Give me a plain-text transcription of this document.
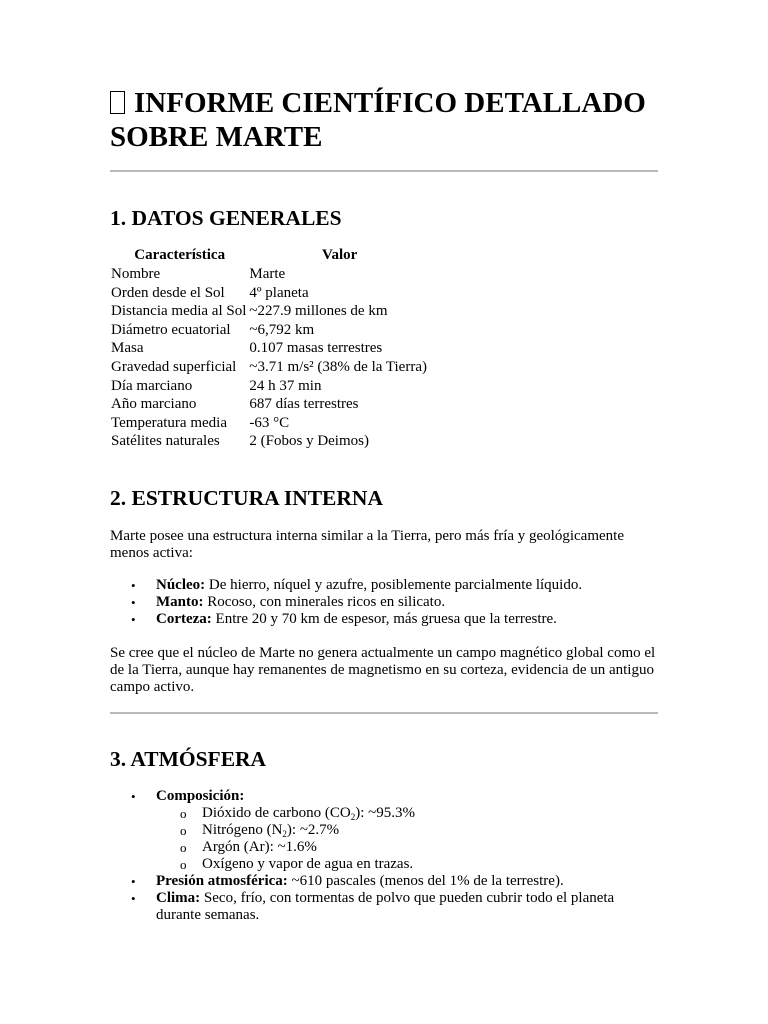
INFORME CIENTÍFICO DETALLADO SOBRE MARTE
1. DATOS GENERALES
Característica	Valor
Nombre	Marte
Orden desde el Sol	4º planeta
Distancia media al Sol	~227.9 millones de km
Diámetro ecuatorial	~6,792 km
Masa	0.107 masas terrestres
Gravedad superficial	~3.71 m/s² (38% de la Tierra)
Día marciano	24 h 37 min
Año marciano	687 días terrestres
Temperatura media	-63 °C
Satélites naturales	2 (Fobos y Deimos)
2. ESTRUCTURA INTERNA

Marte posee una estructura interna similar a la Tierra, pero más fría y geológicamente menos activa:

• Núcleo: De hierro, níquel y azufre, posiblemente parcialmente líquido.
• Manto: Rocoso, con minerales ricos en silicato.
• Corteza: Entre 20 y 70 km de espesor, más gruesa que la terrestre.

Se cree que el núcleo de Marte no genera actualmente un campo magnético global como el de la Tierra, aunque hay remanentes de magnetismo en su corteza, evidencia de un antiguo campo activo.

3. ATMÓSFERA
• Composición:
o Dióxido de carbono $(CO_2)$: ~95.3%
o Nitrógeno $(N_2)$: ~2.7%
o Argón (Ar): ~1.6%
o Oxígeno y vapor de agua en trazas.
• Presión atmosférica: ~610 pascales (menos del 1% de la terrestre).
• Clima: Seco, frío, con tormentas de polvo que pueden cubrir todo el planeta durante semanas.
